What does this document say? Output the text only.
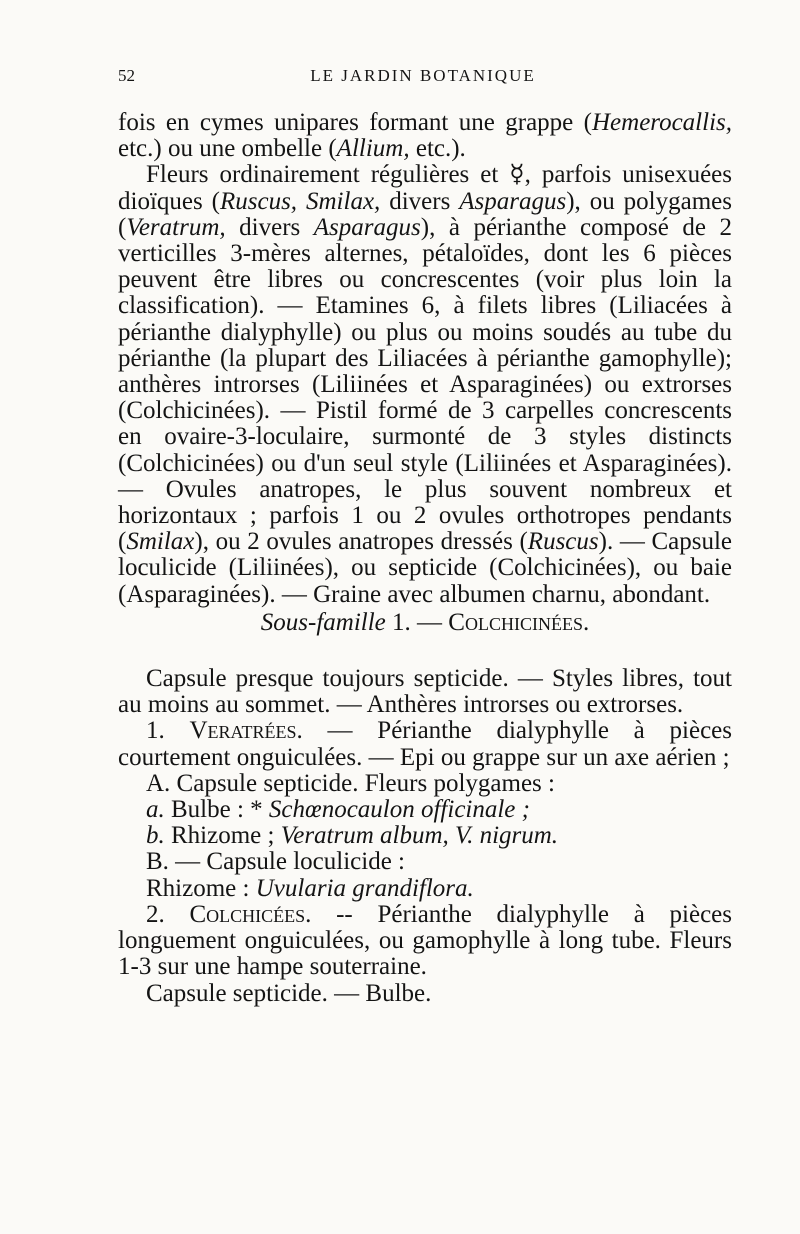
52	LE JARDIN BOTANIQUE

fois en cymes unipares formant une grappe (Hemerocallis, etc.) ou une ombelle (Allium, etc.).

Fleurs ordinairement régulières et ☿, parfois unisexuées dioïques (Ruscus, Smilax, divers Asparagus), ou polygames (Veratrum, divers Asparagus), à périanthe composé de 2 verticilles 3-mères alternes, pétaloïdes, dont les 6 pièces peuvent être libres ou concrescentes (voir plus loin la classification). — Etamines 6, à filets libres (Liliacées à périanthe dialyphylle) ou plus ou moins soudés au tube du périanthe (la plupart des Liliacées à périanthe gamophylle); anthères introrses (Liliinées et Asparaginées) ou extrorses (Colchicinées). — Pistil formé de 3 carpelles concrescents en ovaire-3-loculaire, surmonté de 3 styles distincts (Colchicinées) ou d'un seul style (Liliinées et Asparaginées). — Ovules anatropes, le plus souvent nombreux et horizontaux ; parfois 1 ou 2 ovules orthotropes pendants (Smilax), ou 2 ovules anatropes dressés (Ruscus). — Capsule loculicide (Liliinées), ou septicide (Colchicinées), ou baie (Asparaginées). — Graine avec albumen charnu, abondant.

Sous-famille 1. — Colchicinées.

Capsule presque toujours septicide. — Styles libres, tout au moins au sommet. — Anthères introrses ou extrorses.

1. Veratrées. — Périanthe dialyphylle à pièces courtement onguiculées. — Epi ou grappe sur un axe aérien ;

A. Capsule septicide. Fleurs polygames :

a. Bulbe : * Schœnocaulon officinale ;

b. Rhizome ; Veratrum album, V. nigrum.

B. — Capsule loculicide :

Rhizome : Uvularia grandiflora.

2. Colchicées. -- Périanthe dialyphylle à pièces longuement onguiculées, ou gamophylle à long tube. Fleurs 1-3 sur une hampe souterraine.

Capsule septicide. — Bulbe.
